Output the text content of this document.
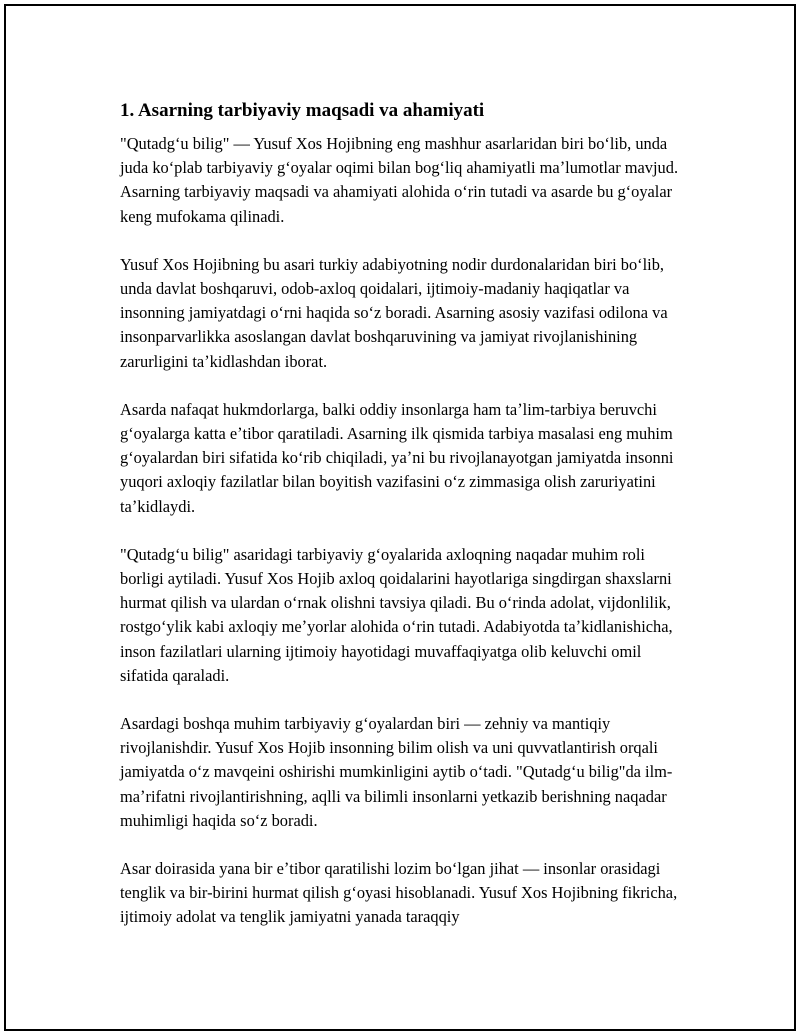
1. Asarning tarbiyaviy maqsadi va ahamiyati

"Qutadgʻu bilig" — Yusuf Xos Hojibning eng mashhur asarlaridan biri boʻlib, unda juda koʻplab tarbiyaviy gʻoyalar oqimi bilan bogʻliq ahamiyatli maʼlumotlar mavjud. Asarning tarbiyaviy maqsadi va ahamiyati alohida oʻrin tutadi va asarde bu gʻoyalar keng mufokama qilinadi.

Yusuf Xos Hojibning bu asari turkiy adabiyotning nodir durdonalaridan biri boʻlib, unda davlat boshqaruvi, odob-axloq qoidalari, ijtimoiy-madaniy haqiqatlar va insonning jamiyatdagi oʻrni haqida soʻz boradi. Asarning asosiy vazifasi odilona va insonparvarlikka asoslangan davlat boshqaruvining va jamiyat rivojlanishining zarurligini taʼkidlashdan iborat.

Asarda nafaqat hukmdorlarga, balki oddiy insonlarga ham taʼlim-tarbiya beruvchi gʻoyalarga katta eʼtibor qaratiladi. Asarning ilk qismida tarbiya masalasi eng muhim gʻoyalardan biri sifatida koʻrib chiqiladi, yaʼni bu rivojlanayotgan jamiyatda insonni yuqori axloqiy fazilatlar bilan boyitish vazifasini oʻz zimmasiga olish zaruriyatini taʼkidlaydi.

"Qutadgʻu bilig" asaridagi tarbiyaviy gʻoyalarida axloqning naqadar muhim roli borligi aytiladi. Yusuf Xos Hojib axloq qoidalarini hayotlariga singdirgan shaxslarni hurmat qilish va ulardan oʻrnak olishni tavsiya qiladi. Bu oʻrinda adolat, vijdonlilik, rostgoʻylik kabi axloqiy meʼyorlar alohida oʻrin tutadi. Adabiyotda taʼkidlanishicha, inson fazilatlari ularning ijtimoiy hayotidagi muvaffaqiyatga olib keluvchi omil sifatida qaraladi.

Asardagi boshqa muhim tarbiyaviy gʻoyalardan biri — zehniy va mantiqiy rivojlanishdir. Yusuf Xos Hojib insonning bilim olish va uni quvvatlantirish orqali jamiyatda oʻz mavqeini oshirishi mumkinligini aytib oʻtadi. "Qutadgʻu bilig"da ilm-maʼrifatni rivojlantirishning, aqlli va bilimli insonlarni yetkazib berishning naqadar muhimligi haqida soʻz boradi.

Asar doirasida yana bir eʼtibor qaratilishi lozim boʻlgan jihat — insonlar orasidagi tenglik va bir-birini hurmat qilish gʻoyasi hisoblanadi. Yusuf Xos Hojibning fikricha, ijtimoiy adolat va tenglik jamiyatni yanada taraqqiy
